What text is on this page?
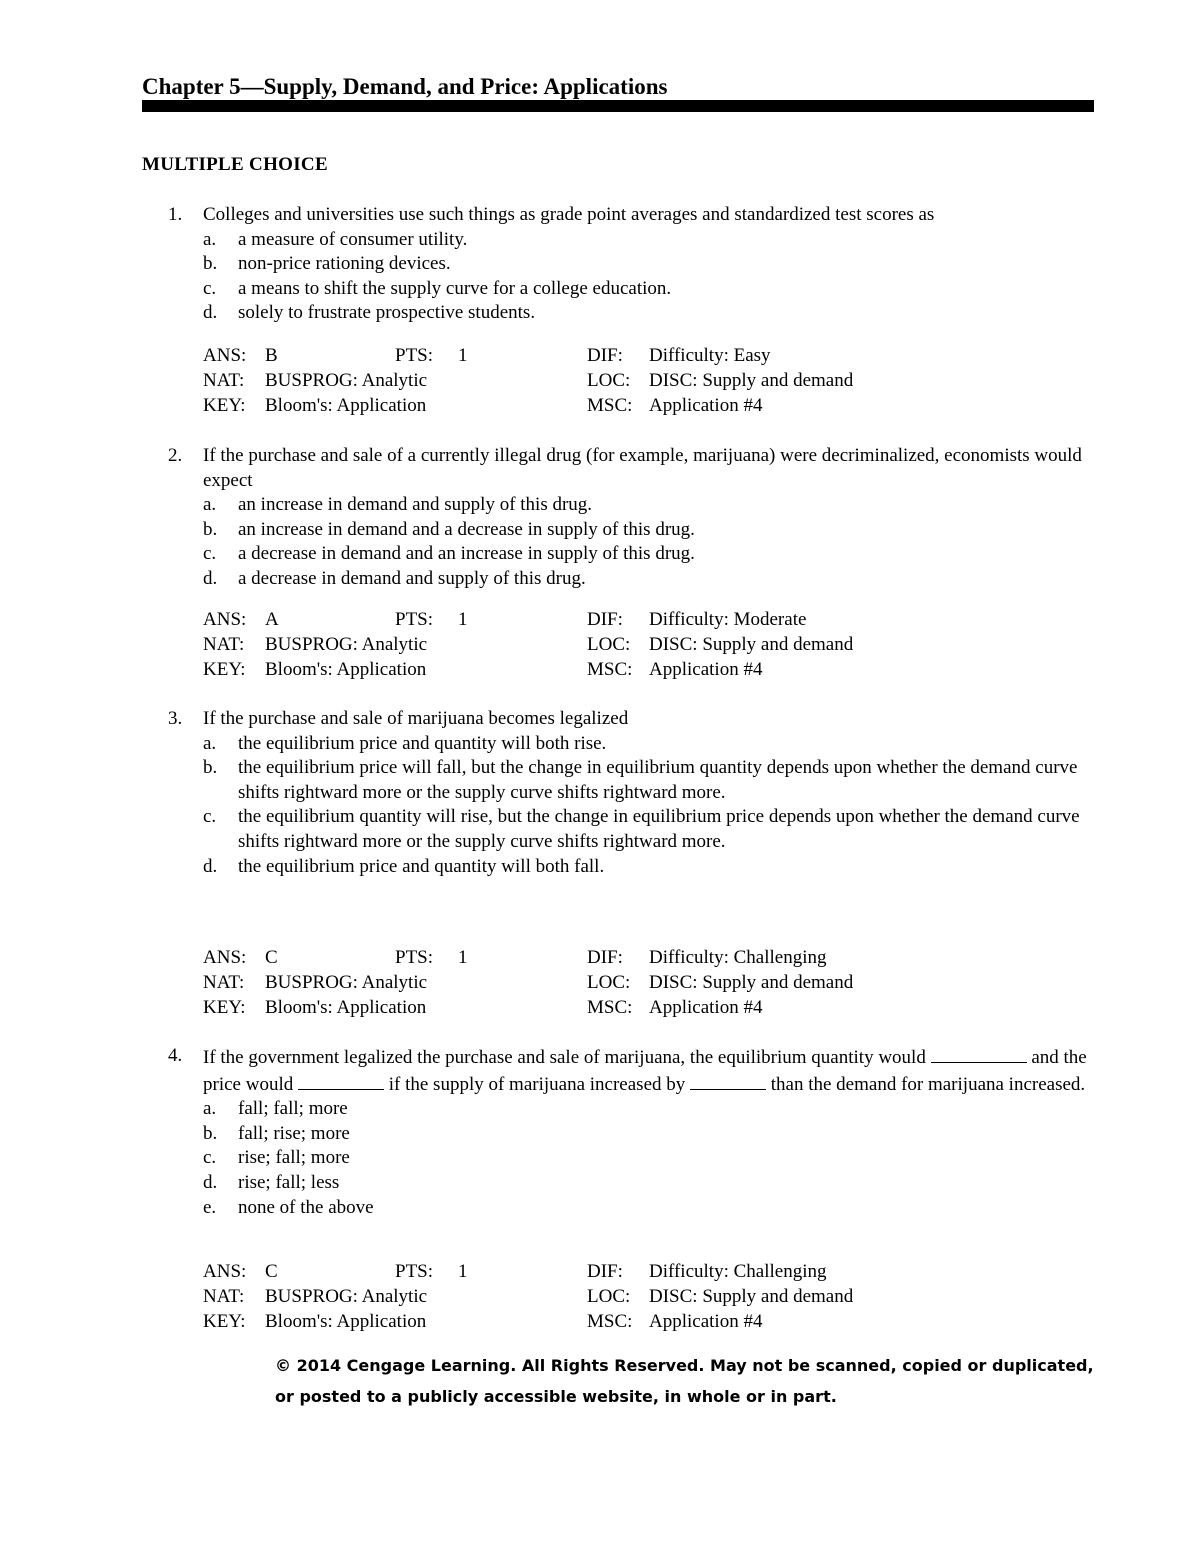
Chapter 5—Supply, Demand, and Price: Applications
MULTIPLE CHOICE
1.	Colleges and universities use such things as grade point averages and standardized test scores as
a.	a measure of consumer utility.
b.	non-price rationing devices.
c.	a means to shift the supply curve for a college education.
d.	solely to frustrate prospective students.
ANS: B	PTS: 1	DIF: Difficulty: Easy
NAT: BUSPROG: Analytic	LOC: DISC: Supply and demand
KEY: Bloom's: Application	MSC: Application #4
2.	If the purchase and sale of a currently illegal drug (for example, marijuana) were decriminalized, economists would expect
a.	an increase in demand and supply of this drug.
b.	an increase in demand and a decrease in supply of this drug.
c.	a decrease in demand and an increase in supply of this drug.
d.	a decrease in demand and supply of this drug.
ANS: A	PTS: 1	DIF: Difficulty: Moderate
NAT: BUSPROG: Analytic	LOC: DISC: Supply and demand
KEY: Bloom's: Application	MSC: Application #4
3.	If the purchase and sale of marijuana becomes legalized
a.	the equilibrium price and quantity will both rise.
b.	the equilibrium price will fall, but the change in equilibrium quantity depends upon whether the demand curve shifts rightward more or the supply curve shifts rightward more.
c.	the equilibrium quantity will rise, but the change in equilibrium price depends upon whether the demand curve shifts rightward more or the supply curve shifts rightward more.
d.	the equilibrium price and quantity will both fall.
ANS: C	PTS: 1	DIF: Difficulty: Challenging
NAT: BUSPROG: Analytic	LOC: DISC: Supply and demand
KEY: Bloom's: Application	MSC: Application #4
4.	If the government legalized the purchase and sale of marijuana, the equilibrium quantity would	and the price would	if the supply of marijuana increased by	than the demand for marijuana increased.
a.	fall; fall; more
b.	fall; rise; more
c.	rise; fall; more
d.	rise; fall; less
e.	none of the above
ANS: C	PTS: 1	DIF: Difficulty: Challenging
NAT: BUSPROG: Analytic	LOC: DISC: Supply and demand
KEY: Bloom's: Application	MSC: Application #4
© 2014 Cengage Learning. All Rights Reserved. May not be scanned, copied or duplicated,
or posted to a publicly accessible website, in whole or in part.
